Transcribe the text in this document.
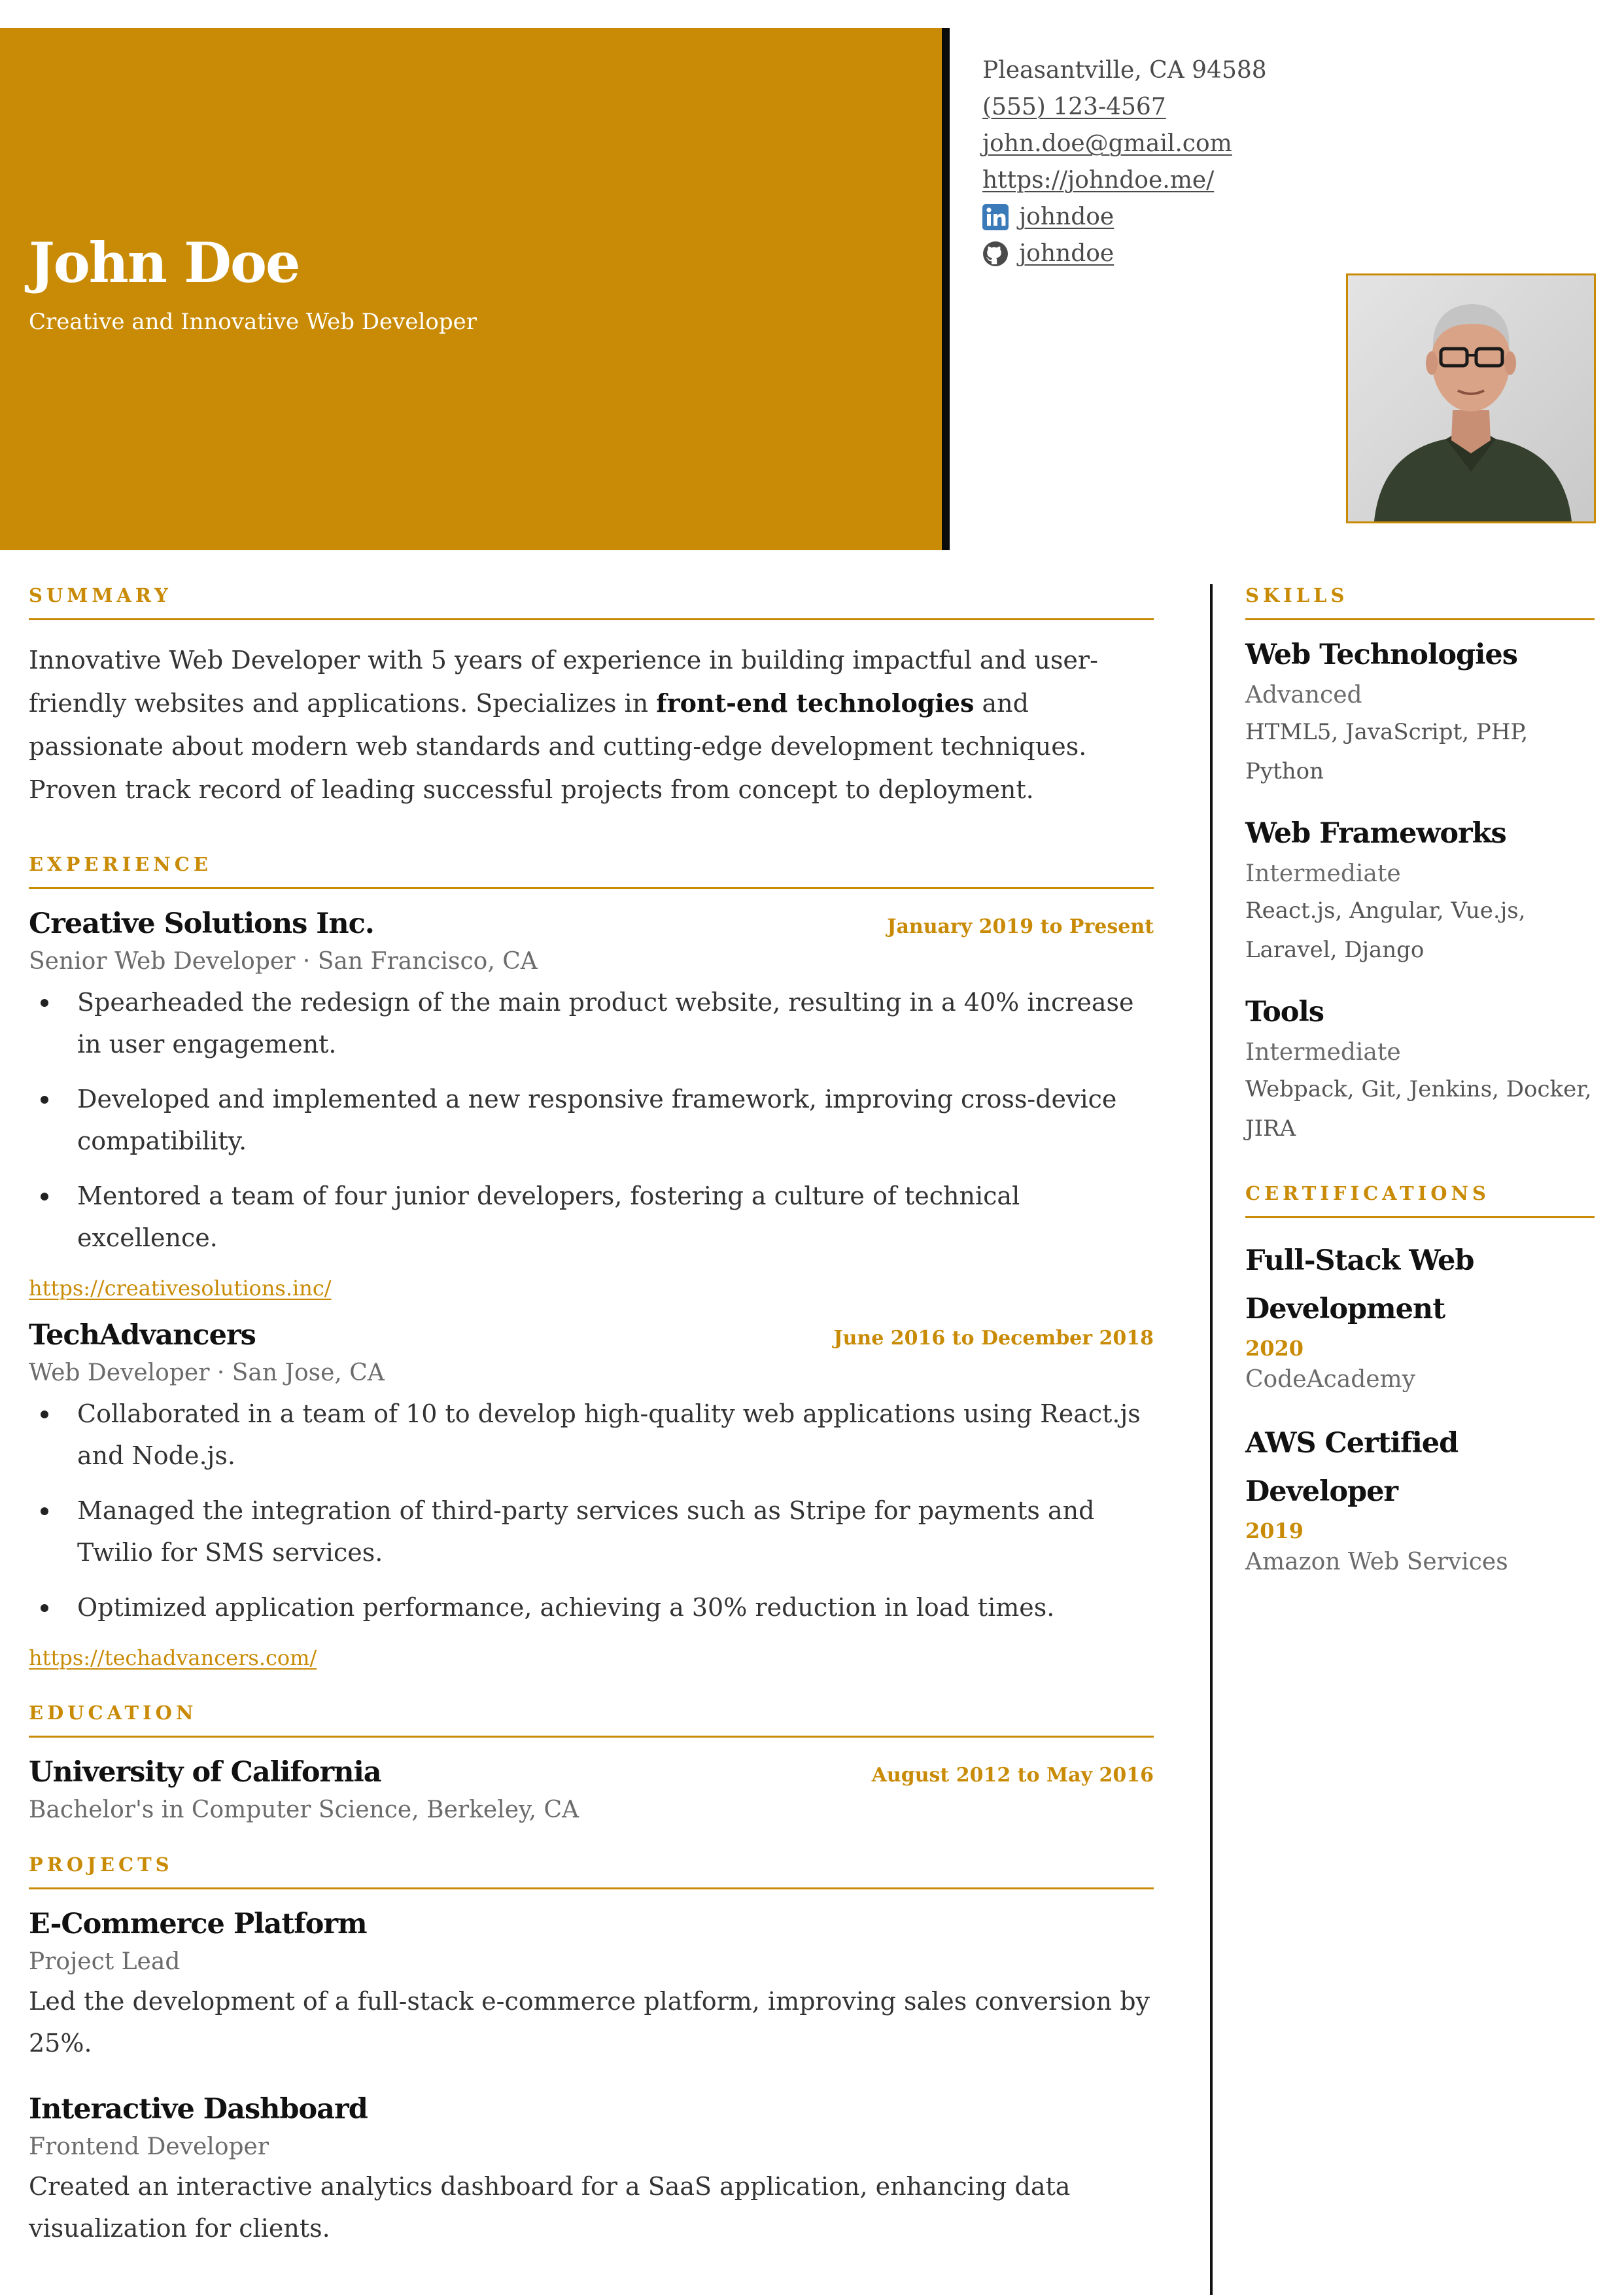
John Doe
Creative and Innovative Web Developer
Pleasantville, CA 94588
(555) 123-4567
john.doe@gmail.com
https://johndoe.me/
johndoe
johndoe
SUMMARY

Innovative Web Developer with 5 years of experience in building impactful and user-friendly websites and applications. Specializes in front-end technologies and passionate about modern web standards and cutting-edge development techniques. Proven track record of leading successful projects from concept to deployment.

EXPERIENCE
Creative Solutions Inc.	January 2019 to Present
Senior Web Developer · San Francisco, CA
Spearheaded the redesign of the main product website, resulting in a 40% increase in user engagement.
Developed and implemented a new responsive framework, improving cross-device compatibility.
Mentored a team of four junior developers, fostering a culture of technical excellence.
https://creativesolutions.inc/
TechAdvancers	June 2016 to December 2018
Web Developer · San Jose, CA
Collaborated in a team of 10 to develop high-quality web applications using React.js and Node.js.
Managed the integration of third-party services such as Stripe for payments and Twilio for SMS services.
Optimized application performance, achieving a 30% reduction in load times.
https://techadvancers.com/
EDUCATION
University of California	August 2012 to May 2016
Bachelor's in Computer Science, Berkeley, CA
PROJECTS
E-Commerce Platform
Project Lead
Led the development of a full-stack e-commerce platform, improving sales conversion by 25%.
Interactive Dashboard
Frontend Developer
Created an interactive analytics dashboard for a SaaS application, enhancing data visualization for clients.
SKILLS
Web Technologies
Advanced
HTML5, JavaScript, PHP, Python
Web Frameworks
Intermediate
React.js, Angular, Vue.js, Laravel, Django
Tools
Intermediate
Webpack, Git, Jenkins, Docker, JIRA
CERTIFICATIONS
Full-Stack Web Development
2020
CodeAcademy
AWS Certified Developer
2019
Amazon Web Services
